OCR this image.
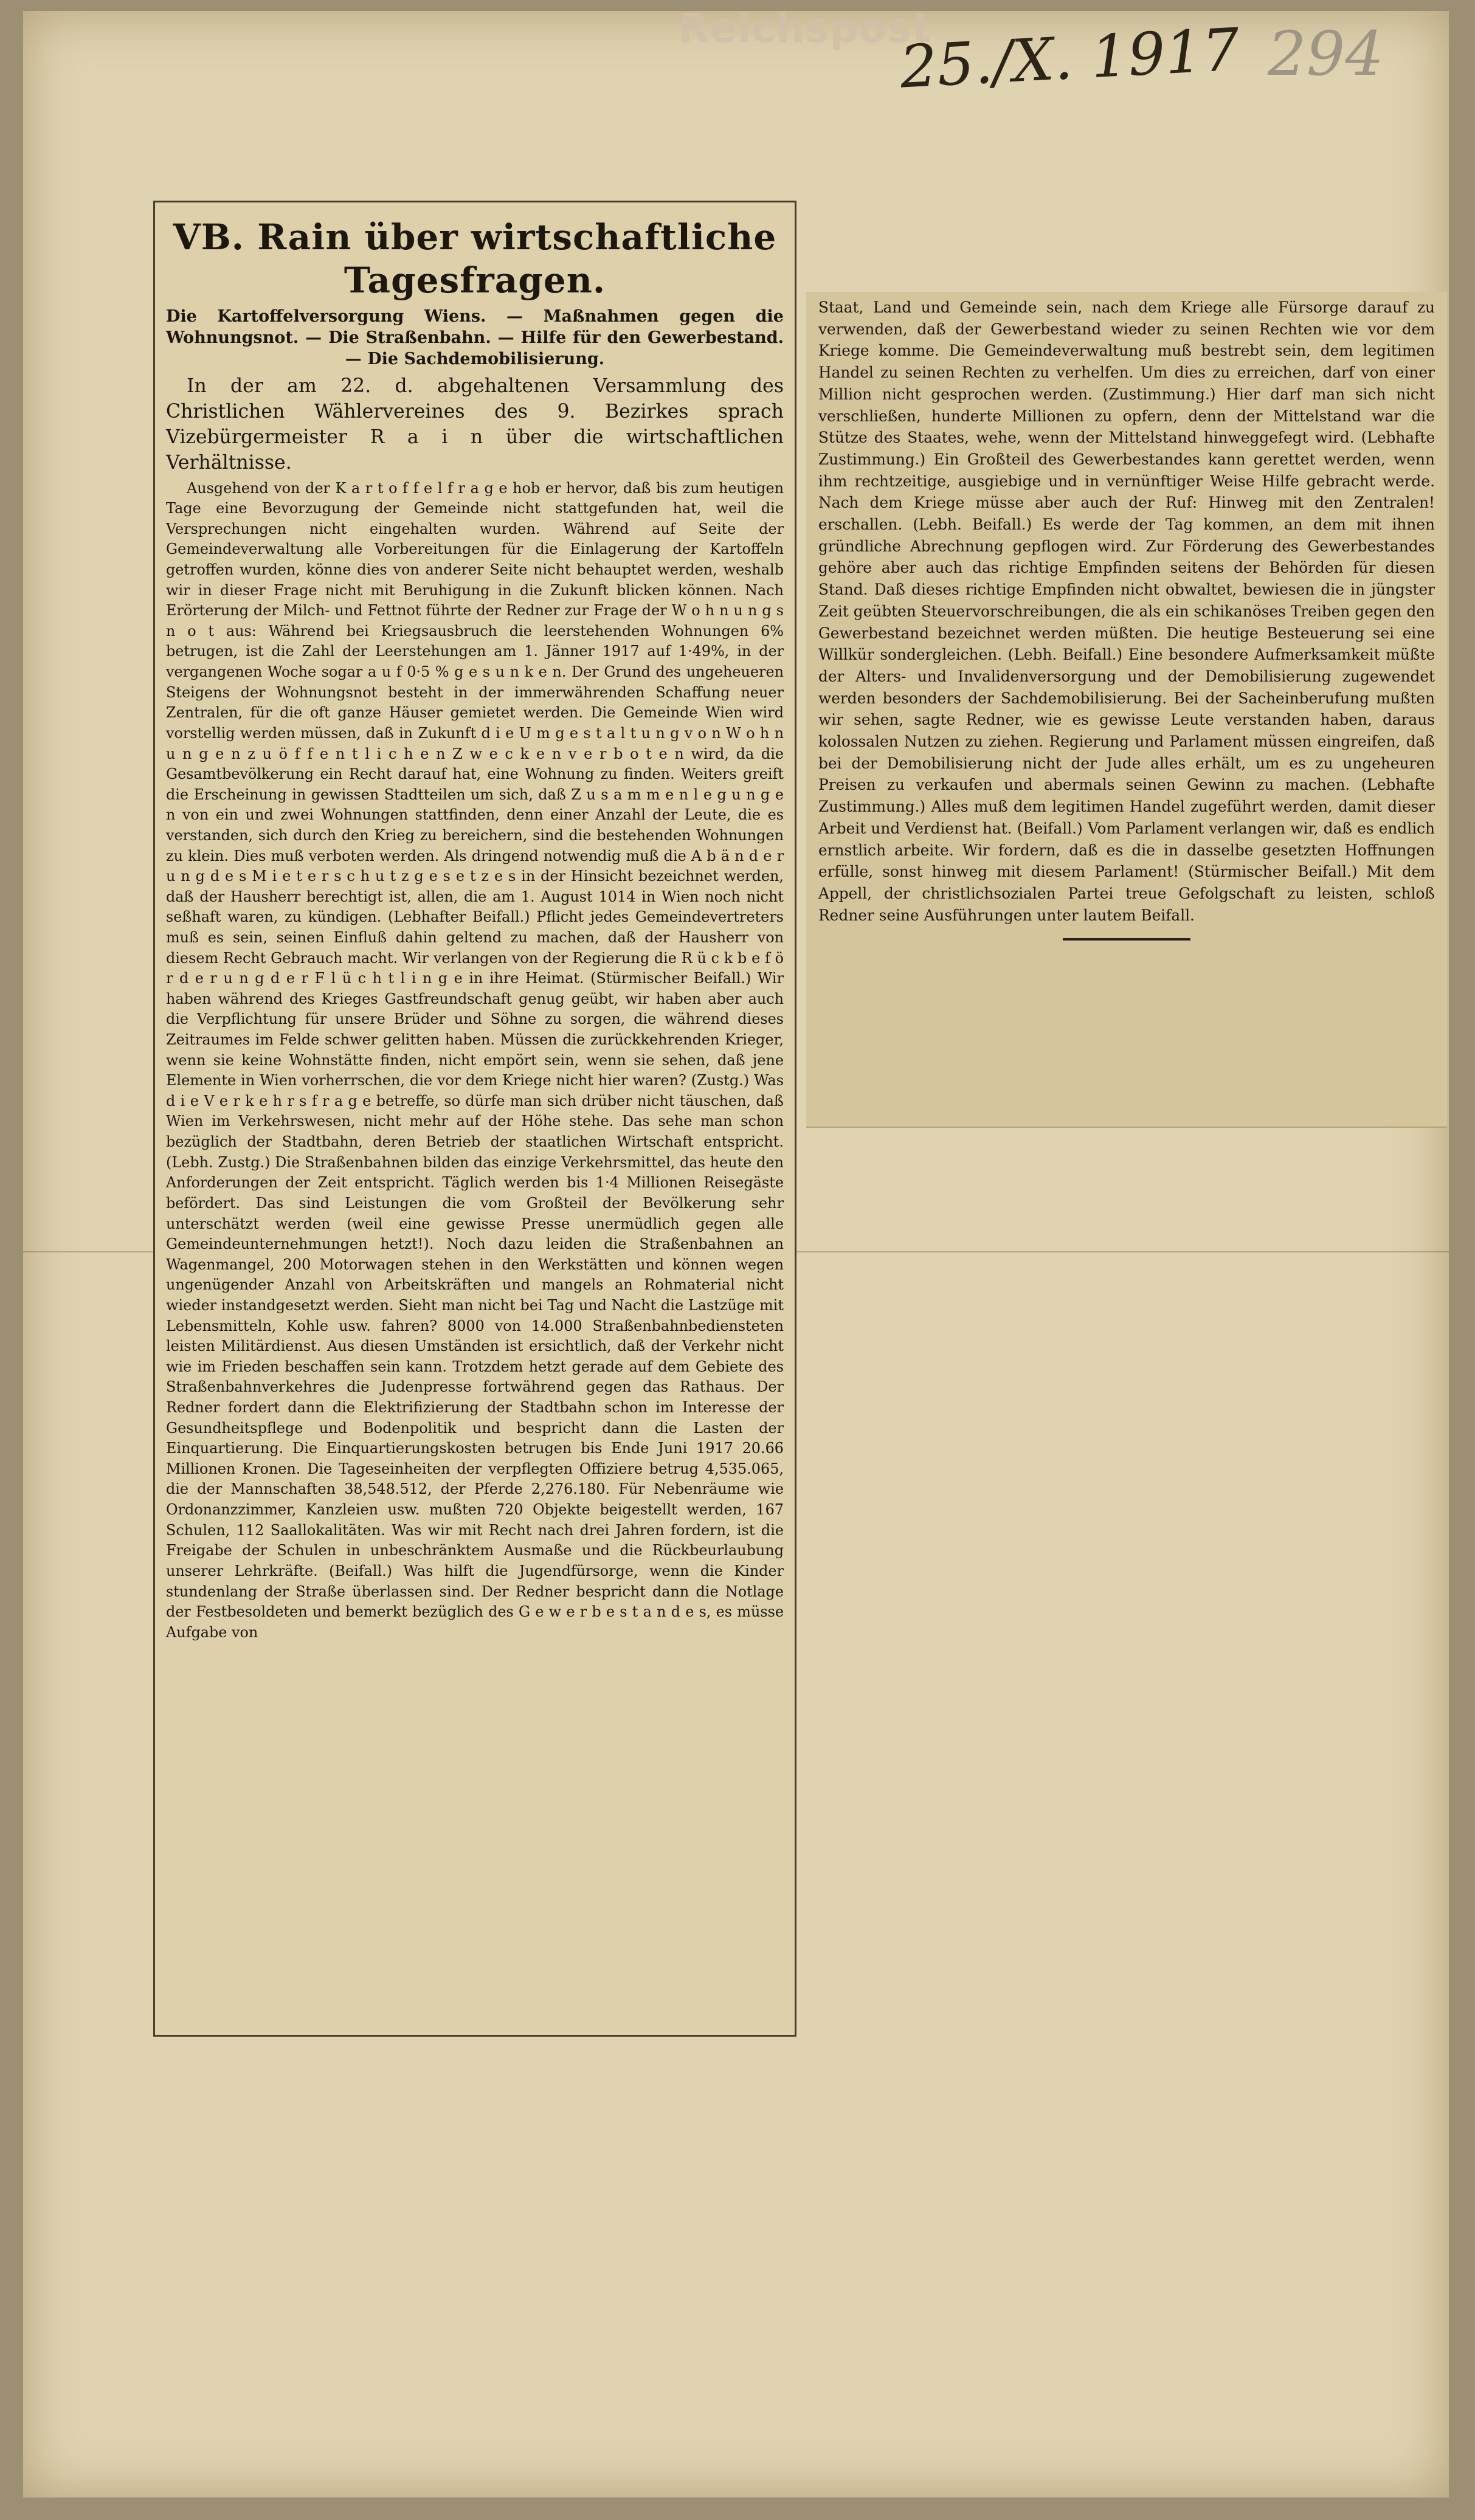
Reichspost
25./X. 1917 294
VB. Rain über wirtschaftliche Tagesfragen.
Die Kartoffelversorgung Wiens. — Maßnahmen gegen die Wohnungsnot. — Die Straßenbahn. — Hilfe für den Gewerbestand. — Die Sachdemobilisierung.

In der am 22. d. abgehaltenen Versammlung des Christlichen Wählervereines des 9. Bezirkes sprach Vizebürgermeister R a i n über die wirtschaftlichen Verhältnisse.

Ausgehend von der K a r t o f f e l f r a g e hob er hervor, daß bis zum heutigen Tage eine Bevorzugung der Gemeinde nicht stattgefunden hat, weil die Versprechungen nicht eingehalten wurden. Während auf Seite der Gemeindeverwaltung alle Vorbereitungen für die Einlagerung der Kartoffeln getroffen wurden, könne dies von anderer Seite nicht behauptet werden, weshalb wir in dieser Frage nicht mit Beruhigung in die Zukunft blicken können. Nach Erörterung der Milch- und Fettnot führte der Redner zur Frage der W o h n u n g s n o t aus: Während bei Kriegsausbruch die leerstehenden Wohnungen 6% betrugen, ist die Zahl der Leerstehungen am 1. Jänner 1917 auf 1·49%, in der vergangenen Woche sogar a u f 0·5 % g e s u n k e n. Der Grund des ungeheueren Steigens der Wohnungsnot besteht in der immerwährenden Schaffung neuer Zentralen, für die oft ganze Häuser gemietet werden. Die Gemeinde Wien wird vorstellig werden müssen, daß in Zukunft d i e U m g e s t a l t u n g v o n W o h n u n g e n z u ö f f e n t l i c h e n Z w e c k e n v e r b o t e n wird, da die Gesamtbevölkerung ein Recht darauf hat, eine Wohnung zu finden. Weiters greift die Erscheinung in gewissen Stadtteilen um sich, daß Z u s a m m e n l e g u n g e n von ein und zwei Wohnungen stattfinden, denn einer Anzahl der Leute, die es verstanden, sich durch den Krieg zu bereichern, sind die bestehenden Wohnungen zu klein. Dies muß verboten werden. Als dringend notwendig muß die A b ä n d e r u n g d e s M i e t e r s c h u t z g e s e t z e s in der Hinsicht bezeichnet werden, daß der Hausherr berechtigt ist, allen, die am 1. August 1014 in Wien noch nicht seßhaft waren, zu kündigen. (Lebhafter Beifall.) Pflicht jedes Gemeindevertreters muß es sein, seinen Einfluß dahin geltend zu machen, daß der Hausherr von diesem Recht Gebrauch macht. Wir verlangen von der Regierung die R ü c k b e f ö r d e r u n g d e r F l ü c h t l i n g e in ihre Heimat. (Stürmischer Beifall.) Wir haben während des Krieges Gastfreundschaft genug geübt, wir haben aber auch die Verpflichtung für unsere Brüder und Söhne zu sorgen, die während dieses Zeitraumes im Felde schwer gelitten haben. Müssen die zurückkehrenden Krieger, wenn sie keine Wohnstätte finden, nicht empört sein, wenn sie sehen, daß jene Elemente in Wien vorherrschen, die vor dem Kriege nicht hier waren? (Zustg.) Was d i e V e r k e h r s f r a g e betreffe, so dürfe man sich drüber nicht täuschen, daß Wien im Verkehrswesen, nicht mehr auf der Höhe stehe. Das sehe man schon bezüglich der Stadtbahn, deren Betrieb der staatlichen Wirtschaft entspricht. (Lebh. Zustg.) Die Straßenbahnen bilden das einzige Verkehrsmittel, das heute den Anforderungen der Zeit entspricht. Täglich werden bis 1·4 Millionen Reisegäste befördert. Das sind Leistungen die vom Großteil der Bevölkerung sehr unterschätzt werden (weil eine gewisse Presse unermüdlich gegen alle Gemeindeunternehmungen hetzt!). Noch dazu leiden die Straßenbahnen an Wagenmangel, 200 Motorwagen stehen in den Werkstätten und können wegen ungenügender Anzahl von Arbeitskräften und mangels an Rohmaterial nicht wieder instandgesetzt werden. Sieht man nicht bei Tag und Nacht die Lastzüge mit Lebensmitteln, Kohle usw. fahren? 8000 von 14.000 Straßenbahnbediensteten leisten Militärdienst. Aus diesen Umständen ist ersichtlich, daß der Verkehr nicht wie im Frieden beschaffen sein kann. Trotzdem hetzt gerade auf dem Gebiete des Straßenbahnverkehres die Judenpresse fortwährend gegen das Rathaus. Der Redner fordert dann die Elektrifizierung der Stadtbahn schon im Interesse der Gesundheitspflege und Bodenpolitik und bespricht dann die Lasten der Einquartierung. Die Einquartierungskosten betrugen bis Ende Juni 1917 20.66 Millionen Kronen. Die Tageseinheiten der verpflegten Offiziere betrug 4,535.065, die der Mannschaften 38,548.512, der Pferde 2,276.180. Für Nebenräume wie Ordonanzzimmer, Kanzleien usw. mußten 720 Objekte beigestellt werden, 167 Schulen, 112 Saallokalitäten. Was wir mit Recht nach drei Jahren fordern, ist die Freigabe der Schulen in unbeschränktem Ausmaße und die Rückbeurlaubung unserer Lehrkräfte. (Beifall.) Was hilft die Jugendfürsorge, wenn die Kinder stundenlang der Straße überlassen sind. Der Redner bespricht dann die Notlage der Festbesoldeten und bemerkt bezüglich des G e w e r b e s t a n d e s, es müsse Aufgabe von

Staat, Land und Gemeinde sein, nach dem Kriege alle Fürsorge darauf zu verwenden, daß der Gewerbestand wieder zu seinen Rechten wie vor dem Kriege komme. Die Gemeindeverwaltung muß bestrebt sein, dem legitimen Handel zu seinen Rechten zu verhelfen. Um dies zu erreichen, darf von einer Million nicht gesprochen werden. (Zustimmung.) Hier darf man sich nicht verschließen, hunderte Millionen zu opfern, denn der Mittelstand war die Stütze des Staates, wehe, wenn der Mittelstand hinweggefegt wird. (Lebhafte Zustimmung.) Ein Großteil des Gewerbestandes kann gerettet werden, wenn ihm rechtzeitige, ausgiebige und in vernünftiger Weise Hilfe gebracht werde. Nach dem Kriege müsse aber auch der Ruf: Hinweg mit den Zentralen! erschallen. (Lebh. Beifall.) Es werde der Tag kommen, an dem mit ihnen gründliche Abrechnung gepflogen wird. Zur Förderung des Gewerbestandes gehöre aber auch das richtige Empfinden seitens der Behörden für diesen Stand. Daß dieses richtige Empfinden nicht obwaltet, bewiesen die in jüngster Zeit geübten Steuervorschreibungen, die als ein schikanöses Treiben gegen den Gewerbestand bezeichnet werden müßten. Die heutige Besteuerung sei eine Willkür sondergleichen. (Lebh. Beifall.) Eine besondere Aufmerksamkeit müßte der Alters- und Invalidenversorgung und der Demobilisierung zugewendet werden besonders der Sachdemobilisierung. Bei der Sacheinberufung mußten wir sehen, sagte Redner, wie es gewisse Leute verstanden haben, daraus kolossalen Nutzen zu ziehen. Regierung und Parlament müssen eingreifen, daß bei der Demobilisierung nicht der Jude alles erhält, um es zu ungeheuren Preisen zu verkaufen und abermals seinen Gewinn zu machen. (Lebhafte Zustimmung.) Alles muß dem legitimen Handel zugeführt werden, damit dieser Arbeit und Verdienst hat. (Beifall.) Vom Parlament verlangen wir, daß es endlich ernstlich arbeite. Wir fordern, daß es die in dasselbe gesetzten Hoffnungen erfülle, sonst hinweg mit diesem Parlament! (Stürmischer Beifall.) Mit dem Appell, der christlichsozialen Partei treue Gefolgschaft zu leisten, schloß Redner seine Ausführungen unter lautem Beifall.
